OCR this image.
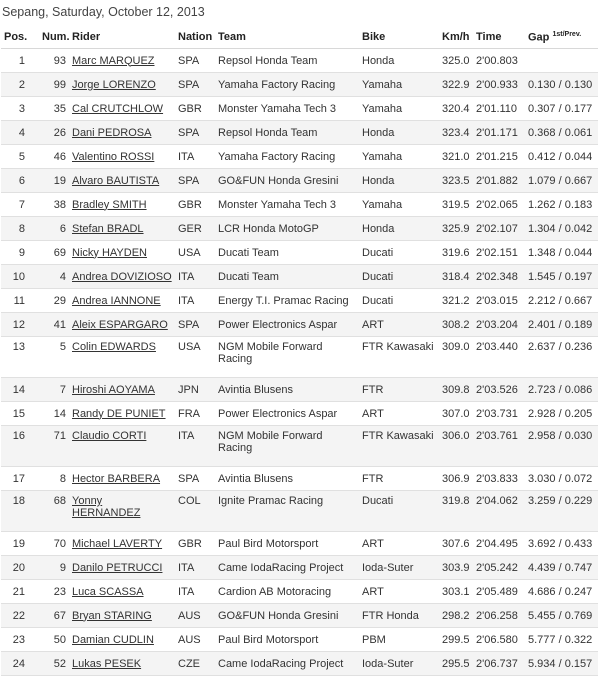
Sepang, Saturday, October 12, 2013
Pos.	Num.	Rider	Nation	Team	Bike	Km/h	Time	Gap $^{1st/Prev.}$
1	93	Marc MARQUEZ	SPA	Repsol Honda Team	Honda	325.0	2'00.803	
2	99	Jorge LORENZO	SPA	Yamaha Factory Racing	Yamaha	322.9	2'00.933	0.130 / 0.130
3	35	Cal CRUTCHLOW	GBR	Monster Yamaha Tech 3	Yamaha	320.4	2'01.110	0.307 / 0.177
4	26	Dani PEDROSA	SPA	Repsol Honda Team	Honda	323.4	2'01.171	0.368 / 0.061
5	46	Valentino ROSSI	ITA	Yamaha Factory Racing	Yamaha	321.0	2'01.215	0.412 / 0.044
6	19	Alvaro BAUTISTA	SPA	GO&FUN Honda Gresini	Honda	323.5	2'01.882	1.079 / 0.667
7	38	Bradley SMITH	GBR	Monster Yamaha Tech 3	Yamaha	319.5	2'02.065	1.262 / 0.183
8	6	Stefan BRADL	GER	LCR Honda MotoGP	Honda	325.9	2'02.107	1.304 / 0.042
9	69	Nicky HAYDEN	USA	Ducati Team	Ducati	319.6	2'02.151	1.348 / 0.044
10	4	Andrea DOVIZIOSO	ITA	Ducati Team	Ducati	318.4	2'02.348	1.545 / 0.197
11	29	Andrea IANNONE	ITA	Energy T.I. Pramac Racing	Ducati	321.2	2'03.015	2.212 / 0.667
12	41	Aleix ESPARGARO	SPA	Power Electronics Aspar	ART	308.2	2'03.204	2.401 / 0.189
13	5	Colin EDWARDS	USA	NGM Mobile Forward Racing	FTR Kawasaki	309.0	2'03.440	2.637 / 0.236
14	7	Hiroshi AOYAMA	JPN	Avintia Blusens	FTR	309.8	2'03.526	2.723 / 0.086
15	14	Randy DE PUNIET	FRA	Power Electronics Aspar	ART	307.0	2'03.731	2.928 / 0.205
16	71	Claudio CORTI	ITA	NGM Mobile Forward Racing	FTR Kawasaki	306.0	2'03.761	2.958 / 0.030
17	8	Hector BARBERA	SPA	Avintia Blusens	FTR	306.9	2'03.833	3.030 / 0.072
18	68	Yonny HERNANDEZ	COL	Ignite Pramac Racing	Ducati	319.8	2'04.062	3.259 / 0.229
19	70	Michael LAVERTY	GBR	Paul Bird Motorsport	ART	307.6	2'04.495	3.692 / 0.433
20	9	Danilo PETRUCCI	ITA	Came IodaRacing Project	Ioda-Suter	303.9	2'05.242	4.439 / 0.747
21	23	Luca SCASSA	ITA	Cardion AB Motoracing	ART	303.1	2'05.489	4.686 / 0.247
22	67	Bryan STARING	AUS	GO&FUN Honda Gresini	FTR Honda	298.2	2'06.258	5.455 / 0.769
23	50	Damian CUDLIN	AUS	Paul Bird Motorsport	PBM	299.5	2'06.580	5.777 / 0.322
24	52	Lukas PESEK	CZE	Came IodaRacing Project	Ioda-Suter	295.5	2'06.737	5.934 / 0.157
